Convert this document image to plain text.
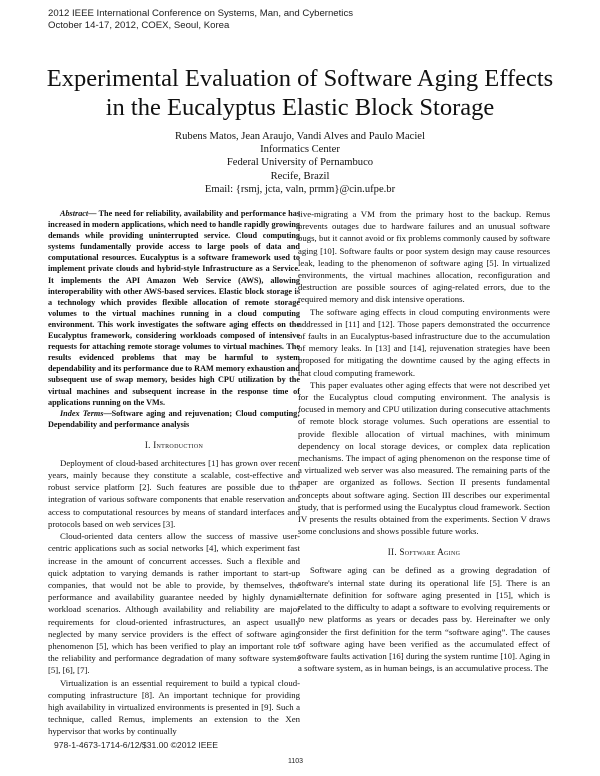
2012 IEEE International Conference on Systems, Man, and Cybernetics
October 14-17, 2012, COEX, Seoul, Korea
Experimental Evaluation of Software Aging Effects
in the Eucalyptus Elastic Block Storage
Rubens Matos, Jean Araujo, Vandi Alves and Paulo Maciel
Informatics Center
Federal University of Pernambuco
Recife, Brazil
Email: {rsmj, jcta, valn, prmm}@cin.ufpe.br

Abstract— The need for reliability, availability and performance has increased in modern applications, which need to handle rapidly growing demands while providing uninterrupted service. Cloud computing systems fundamentally provide access to large pools of data and computational resources. Eucalyptus is a software framework used to implement private clouds and hybrid-style Infrastructure as a Service. It implements the API Amazon Web Service (AWS), allowing interoperability with other AWS-based services. Elastic block storage is a technology which provides flexible allocation of remote storage volumes to the virtual machines running in a cloud computing environment. This work investigates the software aging effects on the Eucalyptus framework, considering workloads composed of intensive requests for attaching remote storage volumes to virtual machines. The results evidenced problems that may be harmful to system dependability and its performance due to RAM memory exhaustion and subsequent use of swap memory, besides high CPU utilization by the virtual machines and subsequent increase in the response time of applications running on the VMs.

Index Terms—Software aging and rejuvenation; Cloud computing; Dependability and performance analysis

I. Introduction

Deployment of cloud-based architectures [1] has grown over recent years, mainly because they constitute a scalable, cost-effective and robust service platform [2]. Such features are possible due to the integration of various software components that enable reservation and access to computational resources by means of standard interfaces and protocols based on web services [3].

Cloud-oriented data centers allow the success of massive user-centric applications such as social networks [4], which experiment fast increase in the amount of concurrent accesses. Such a flexible and quick adptation to varying demands is rather important to start-up companies, that would not be able to provide, by themselves, the performance and availability guarantee needed by highly dynamic workload scenarios. Although availability and reliability are major requirements for cloud-oriented infrastructures, an aspect usually neglected by many service providers is the effect of software aging phenomenon [5], which has been verified to play an important role to the reliability and performance degradation of many software systems [5], [6], [7].

Virtualization is an essential requirement to build a typical cloud-computing infrastructure [8]. An important technique for providing high availability in virtualized environments is presented in [9]. Such a technique, called Remus, implements an extension to the Xen hypervisor that works by continually

live-migrating a VM from the primary host to the backup. Remus prevents outages due to hardware failures and an unusual software bugs, but it cannot avoid or fix problems commonly caused by software aging [10]. Software faults or poor system design may cause resources leak, leading to the phenomenon of software aging [5]. In virtualized environments, the virtual machines allocation, reconfiguration and destruction are possible sources of aging-related errors, due to the required memory and disk intensive operations.

The software aging effects in cloud computing environments were addressed in [11] and [12]. Those papers demonstrated the occurrence of faults in an Eucalyptus-based infrastructure due to the accumulation of memory leaks. In [13] and [14], rejuvenation strategies have been proposed for mitigating the downtime caused by the aging effects in that cloud computing framework.

This paper evaluates other aging effects that were not described yet for the Eucalyptus cloud computing environment. The analysis is focused in memory and CPU utilization during consecutive attachments of remote block storage volumes. Such operations are essential to provide flexible allocation of virtual machines, with minimum dependency on local storage devices, or complex data replication mechanisms. The impact of aging phenomenon on the response time of a virtualized web server was also measured. The remaining parts of the paper are organized as follows. Section II presents fundamental concepts about software aging. Section III describes our experimental study, that is performed using the Eucalyptus cloud framework. Section IV presents the results obtained from the experiments. Section V draws some conclusions and shows possible future works.

II. Software Aging

Software aging can be defined as a growing degradation of software's internal state during its operational life [5]. There is an alternate definition for software aging presented in [15], which is related to the difficulty to adapt a software to evolving requirements or to new platforms as years or decades pass by. Hereinafter we only consider the first definition for the term “software aging”. The causes of software aging have been verified as the accumulated effect of software faults activation [16] during the system runtime [10]. Aging in a software system, as in human beings, is an accumulative process. The

978-1-4673-1714-6/12/$31.00 ©2012 IEEE
1103
